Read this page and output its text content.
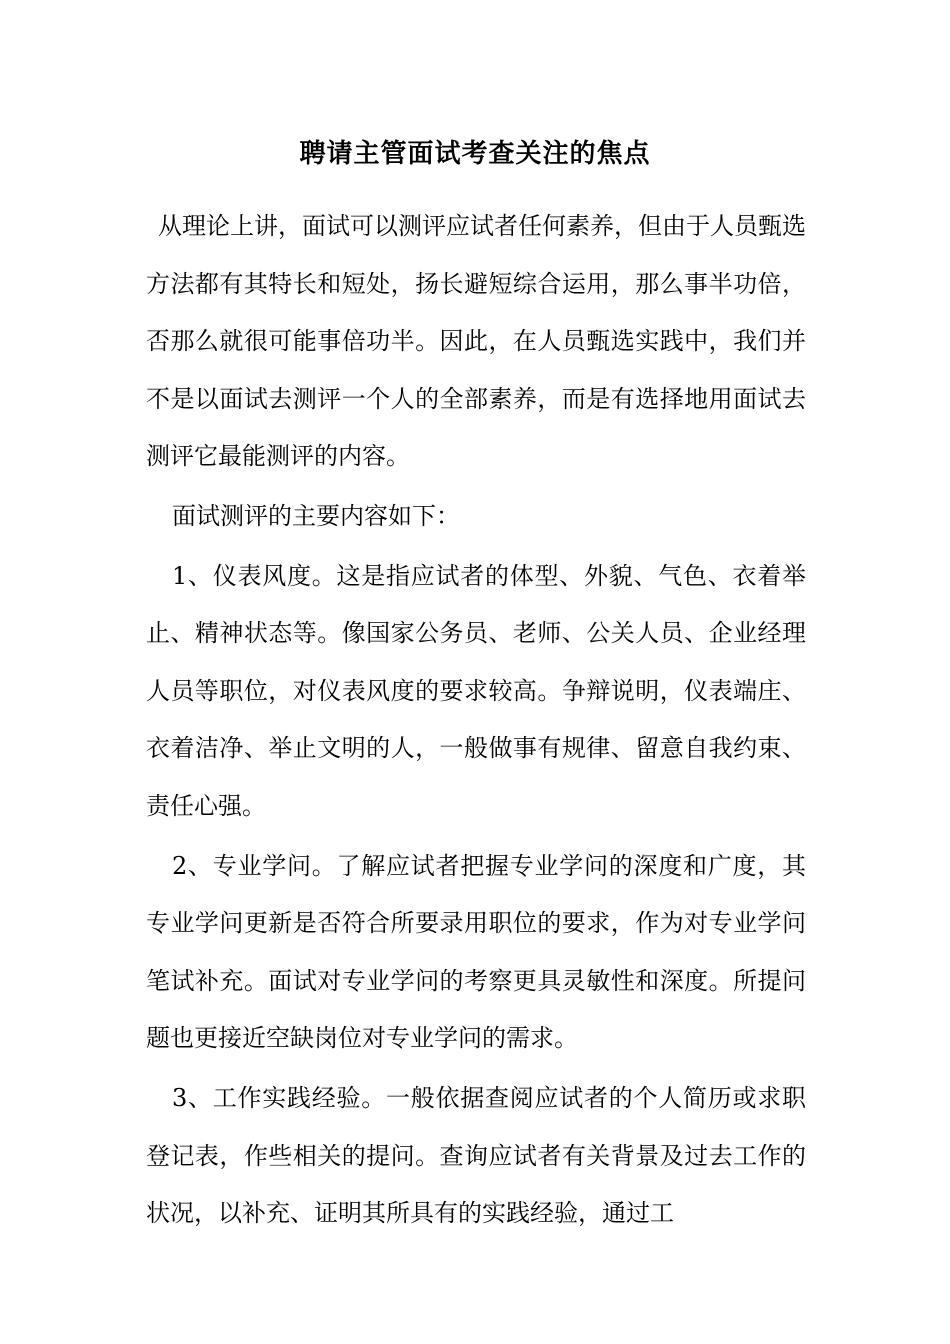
聘请主管面试考查关注的焦点

从理论上讲，面试可以测评应试者任何素养，但由于人员甄选方法都有其特长和短处，扬长避短综合运用，那么事半功倍，否那么就很可能事倍功半。因此，在人员甄选实践中，我们并不是以面试去测评一个人的全部素养，而是有选择地用面试去测评它最能测评的内容。

面试测评的主要内容如下：

1、仪表风度。这是指应试者的体型、外貌、气色、衣着举止、精神状态等。像国家公务员、老师、公关人员、企业经理人员等职位，对仪表风度的要求较高。争辩说明，仪表端庄、衣着洁净、举止文明的人，一般做事有规律、留意自我约束、责任心强。

2、专业学问。了解应试者把握专业学问的深度和广度，其专业学问更新是否符合所要录用职位的要求，作为对专业学问笔试补充。面试对专业学问的考察更具灵敏性和深度。所提问题也更接近空缺岗位对专业学问的需求。

3、工作实践经验。一般依据查阅应试者的个人简历或求职登记表，作些相关的提问。查询应试者有关背景及过去工作的状况，以补充、证明其所具有的实践经验，通过工
